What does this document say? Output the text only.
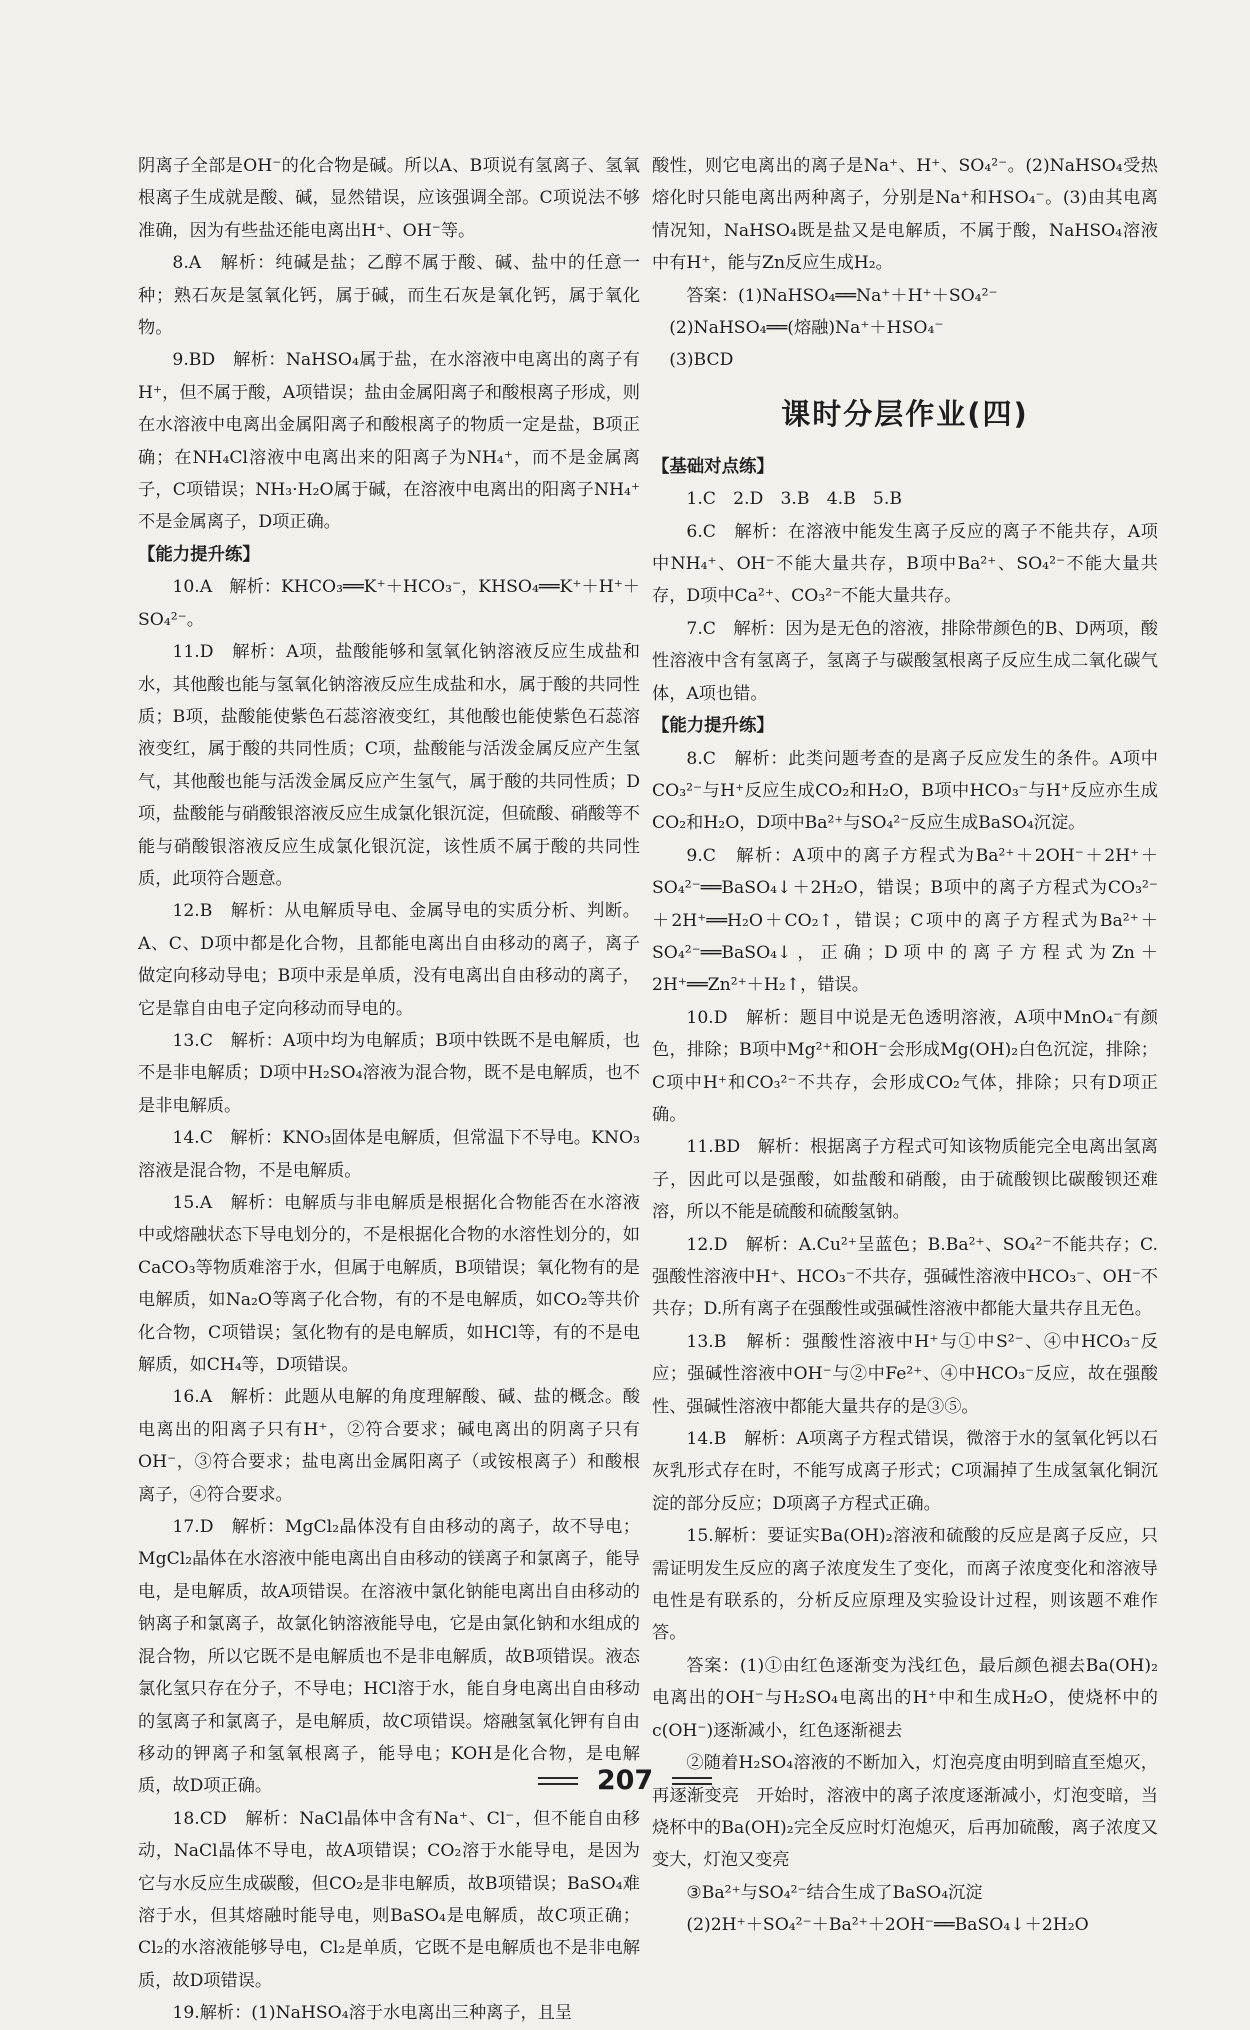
阴离子全部是OH⁻的化合物是碱。所以A、B项说有氢离子、氢氧根离子生成就是酸、碱，显然错误，应该强调全部。C项说法不够准确，因为有些盐还能电离出H⁺、OH⁻等。

8.A　解析：纯碱是盐；乙醇不属于酸、碱、盐中的任意一种；熟石灰是氢氧化钙，属于碱，而生石灰是氧化钙，属于氧化物。

9.BD　解析：NaHSO₄属于盐，在水溶液中电离出的离子有H⁺，但不属于酸，A项错误；盐由金属阳离子和酸根离子形成，则在水溶液中电离出金属阳离子和酸根离子的物质一定是盐，B项正确；在NH₄Cl溶液中电离出来的阳离子为NH₄⁺，而不是金属离子，C项错误；NH₃·H₂O属于碱，在溶液中电离出的阳离子NH₄⁺不是金属离子，D项正确。

【能力提升练】

10.A　解析：KHCO₃══K⁺＋HCO₃⁻，KHSO₄══K⁺＋H⁺＋SO₄²⁻。

11.D　解析：A项，盐酸能够和氢氧化钠溶液反应生成盐和水，其他酸也能与氢氧化钠溶液反应生成盐和水，属于酸的共同性质；B项，盐酸能使紫色石蕊溶液变红，其他酸也能使紫色石蕊溶液变红，属于酸的共同性质；C项，盐酸能与活泼金属反应产生氢气，其他酸也能与活泼金属反应产生氢气，属于酸的共同性质；D项，盐酸能与硝酸银溶液反应生成氯化银沉淀，但硫酸、硝酸等不能与硝酸银溶液反应生成氯化银沉淀，该性质不属于酸的共同性质，此项符合题意。

12.B　解析：从电解质导电、金属导电的实质分析、判断。A、C、D项中都是化合物，且都能电离出自由移动的离子，离子做定向移动导电；B项中汞是单质，没有电离出自由移动的离子，它是靠自由电子定向移动而导电的。

13.C　解析：A项中均为电解质；B项中铁既不是电解质，也不是非电解质；D项中H₂SO₄溶液为混合物，既不是电解质，也不是非电解质。

14.C　解析：KNO₃固体是电解质，但常温下不导电。KNO₃溶液是混合物，不是电解质。

15.A　解析：电解质与非电解质是根据化合物能否在水溶液中或熔融状态下导电划分的，不是根据化合物的水溶性划分的，如CaCO₃等物质难溶于水，但属于电解质，B项错误；氧化物有的是电解质，如Na₂O等离子化合物，有的不是电解质，如CO₂等共价化合物，C项错误；氢化物有的是电解质，如HCl等，有的不是电解质，如CH₄等，D项错误。

16.A　解析：此题从电解的角度理解酸、碱、盐的概念。酸电离出的阳离子只有H⁺，②符合要求；碱电离出的阴离子只有OH⁻，③符合要求；盐电离出金属阳离子（或铵根离子）和酸根离子，④符合要求。

17.D　解析：MgCl₂晶体没有自由移动的离子，故不导电；MgCl₂晶体在水溶液中能电离出自由移动的镁离子和氯离子，能导电，是电解质，故A项错误。在溶液中氯化钠能电离出自由移动的钠离子和氯离子，故氯化钠溶液能导电，它是由氯化钠和水组成的混合物，所以它既不是电解质也不是非电解质，故B项错误。液态氯化氢只存在分子，不导电；HCl溶于水，能自身电离出自由移动的氢离子和氯离子，是电解质，故C项错误。熔融氢氧化钾有自由移动的钾离子和氢氧根离子，能导电；KOH是化合物，是电解质，故D项正确。

18.CD　解析：NaCl晶体中含有Na⁺、Cl⁻，但不能自由移动，NaCl晶体不导电，故A项错误；CO₂溶于水能导电，是因为它与水反应生成碳酸，但CO₂是非电解质，故B项错误；BaSO₄难溶于水，但其熔融时能导电，则BaSO₄是电解质，故C项正确；Cl₂的水溶液能够导电，Cl₂是单质，它既不是电解质也不是非电解质，故D项错误。

19.解析：(1)NaHSO₄溶于水电离出三种离子，且呈

酸性，则它电离出的离子是Na⁺、H⁺、SO₄²⁻。(2)NaHSO₄受热熔化时只能电离出两种离子，分别是Na⁺和HSO₄⁻。(3)由其电离情况知，NaHSO₄既是盐又是电解质，不属于酸，NaHSO₄溶液中有H⁺，能与Zn反应生成H₂。

答案：(1)NaHSO₄══Na⁺＋H⁺＋SO₄²⁻

(2)NaHSO₄══(熔融)Na⁺＋HSO₄⁻

(3)BCD

课时分层作业(四)
【基础对点练】

1.C　2.D　3.B　4.B　5.B

6.C　解析：在溶液中能发生离子反应的离子不能共存，A项中NH₄⁺、OH⁻不能大量共存，B项中Ba²⁺、SO₄²⁻不能大量共存，D项中Ca²⁺、CO₃²⁻不能大量共存。

7.C　解析：因为是无色的溶液，排除带颜色的B、D两项，酸性溶液中含有氢离子，氢离子与碳酸氢根离子反应生成二氧化碳气体，A项也错。

【能力提升练】

8.C　解析：此类问题考查的是离子反应发生的条件。A项中CO₃²⁻与H⁺反应生成CO₂和H₂O，B项中HCO₃⁻与H⁺反应亦生成CO₂和H₂O，D项中Ba²⁺与SO₄²⁻反应生成BaSO₄沉淀。

9.C　解析：A项中的离子方程式为Ba²⁺＋2OH⁻＋2H⁺＋SO₄²⁻══BaSO₄↓＋2H₂O，错误；B项中的离子方程式为CO₃²⁻＋2H⁺══H₂O＋CO₂↑，错误；C项中的离子方程式为Ba²⁺＋SO₄²⁻══BaSO₄↓，正确；D项中的离子方程式为Zn＋2H⁺══Zn²⁺＋H₂↑，错误。

10.D　解析：题目中说是无色透明溶液，A项中MnO₄⁻有颜色，排除；B项中Mg²⁺和OH⁻会形成Mg(OH)₂白色沉淀，排除；C项中H⁺和CO₃²⁻不共存，会形成CO₂气体，排除；只有D项正确。

11.BD　解析：根据离子方程式可知该物质能完全电离出氢离子，因此可以是强酸，如盐酸和硝酸，由于硫酸钡比碳酸钡还难溶，所以不能是硫酸和硫酸氢钠。

12.D　解析：A.Cu²⁺呈蓝色；B.Ba²⁺、SO₄²⁻不能共存；C.强酸性溶液中H⁺、HCO₃⁻不共存，强碱性溶液中HCO₃⁻、OH⁻不共存；D.所有离子在强酸性或强碱性溶液中都能大量共存且无色。

13.B　解析：强酸性溶液中H⁺与①中S²⁻、④中HCO₃⁻反应；强碱性溶液中OH⁻与②中Fe²⁺、④中HCO₃⁻反应，故在强酸性、强碱性溶液中都能大量共存的是③⑤。

14.B　解析：A项离子方程式错误，微溶于水的氢氧化钙以石灰乳形式存在时，不能写成离子形式；C项漏掉了生成氢氧化铜沉淀的部分反应；D项离子方程式正确。

15.解析：要证实Ba(OH)₂溶液和硫酸的反应是离子反应，只需证明发生反应的离子浓度发生了变化，而离子浓度变化和溶液导电性是有联系的，分析反应原理及实验设计过程，则该题不难作答。

答案：(1)①由红色逐渐变为浅红色，最后颜色褪去Ba(OH)₂电离出的OH⁻与H₂SO₄电离出的H⁺中和生成H₂O，使烧杯中的c(OH⁻)逐渐减小，红色逐渐褪去

②随着H₂SO₄溶液的不断加入，灯泡亮度由明到暗直至熄灭，再逐渐变亮　开始时，溶液中的离子浓度逐渐减小，灯泡变暗，当烧杯中的Ba(OH)₂完全反应时灯泡熄灭，后再加硫酸，离子浓度又变大，灯泡又变亮

③Ba²⁺与SO₄²⁻结合生成了BaSO₄沉淀

(2)2H⁺＋SO₄²⁻＋Ba²⁺＋2OH⁻══BaSO₄↓＋2H₂O

207
